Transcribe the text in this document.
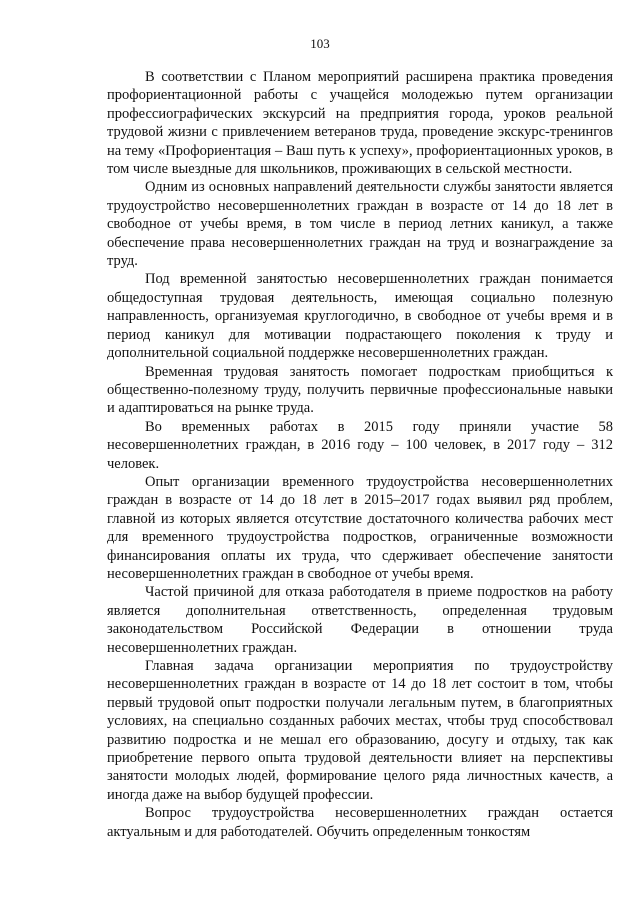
103

В соответствии с Планом мероприятий расширена практика проведения профориентационной работы с учащейся молодежью путем организации профессиографических экскурсий на предприятия города, уроков реальной трудовой жизни с привлечением ветеранов труда, проведение экскурс-тренингов на тему «Профориентация – Ваш путь к успеху», профориентационных уроков, в том числе выездные для школьников, проживающих в сельской местности.

Одним из основных направлений деятельности службы занятости является трудоустройство несовершеннолетних граждан в возрасте от 14 до 18 лет в свободное от учебы время, в том числе в период летних каникул, а также обеспечение права несовершеннолетних граждан на труд и вознаграждение за труд.

Под временной занятостью несовершеннолетних граждан понимается общедоступная трудовая деятельность, имеющая социально полезную направленность, организуемая круглогодично, в свободное от учебы время и в период каникул для мотивации подрастающего поколения к труду и дополнительной социальной поддержке несовершеннолетних граждан.

Временная трудовая занятость помогает подросткам приобщиться к общественно-полезному труду, получить первичные профессиональные навыки и адаптироваться на рынке труда.

Во временных работах в 2015 году приняли участие 58 несовершеннолетних граждан, в 2016 году – 100 человек, в 2017 году – 312 человек.

Опыт организации временного трудоустройства несовершеннолетних граждан в возрасте от 14 до 18 лет в 2015–2017 годах выявил ряд проблем, главной из которых является отсутствие достаточного количества рабочих мест для временного трудоустройства подростков, ограниченные возможности финансирования оплаты их труда, что сдерживает обеспечение занятости несовершеннолетних граждан в свободное от учебы время.

Частой причиной для отказа работодателя в приеме подростков на работу является дополнительная ответственность, определенная трудовым законодательством Российской Федерации в отношении труда несовершеннолетних граждан.

Главная задача организации мероприятия по трудоустройству несовершеннолетних граждан в возрасте от 14 до 18 лет состоит в том, чтобы первый трудовой опыт подростки получали легальным путем, в благоприятных условиях, на специально созданных рабочих местах, чтобы труд способствовал развитию подростка и не мешал его образованию, досугу и отдыху, так как приобретение первого опыта трудовой деятельности влияет на перспективы занятости молодых людей, формирование целого ряда личностных качеств, а иногда даже на выбор будущей профессии.

Вопрос трудоустройства несовершеннолетних граждан остается актуальным и для работодателей. Обучить определенным тонкостям
